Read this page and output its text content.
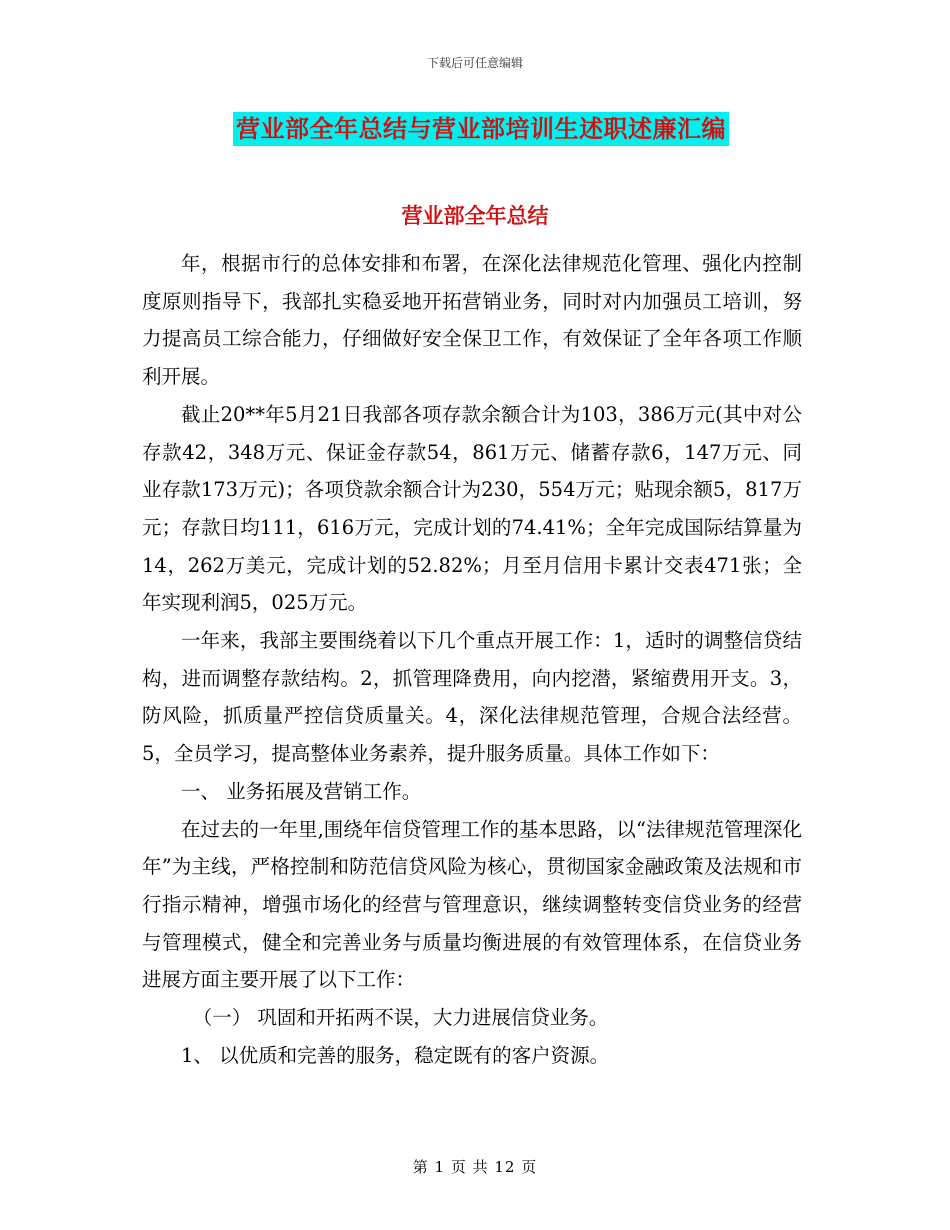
下载后可任意编辑
营业部全年总结与营业部培训生述职述廉汇编
营业部全年总结

年，根据市行的总体安排和布署，在深化法律规范化管理、强化内控制度原则指导下，我部扎实稳妥地开拓营销业务，同时对内加强员工培训，努力提高员工综合能力，仔细做好安全保卫工作，有效保证了全年各项工作顺利开展。

截止20**年5月21日我部各项存款余额合计为103，386万元(其中对公存款42，348万元、保证金存款54，861万元、储蓄存款6，147万元、同业存款173万元)；各项贷款余额合计为230，554万元；贴现余额5，817万元；存款日均111，616万元，完成计划的74.41%；全年完成国际结算量为14，262万美元，完成计划的52.82%；月至月信用卡累计交表471张；全年实现利润5，025万元。

一年来，我部主要围绕着以下几个重点开展工作：1，适时的调整信贷结构，进而调整存款结构。2，抓管理降费用，向内挖潜，紧缩费用开支。3，防风险，抓质量严控信贷质量关。4，深化法律规范管理，合规合法经营。5，全员学习，提高整体业务素养，提升服务质量。具体工作如下：

一、 业务拓展及营销工作。

在过去的一年里,围绕年信贷管理工作的基本思路，以“法律规范管理深化年”为主线，严格控制和防范信贷风险为核心，贯彻国家金融政策及法规和市行指示精神，增强市场化的经营与管理意识，继续调整转变信贷业务的经营与管理模式，健全和完善业务与质量均衡进展的有效管理体系，在信贷业务进展方面主要开展了以下工作：

（一） 巩固和开拓两不误，大力进展信贷业务。

1、 以优质和完善的服务，稳定既有的客户资源。

第 1 页 共 12 页
